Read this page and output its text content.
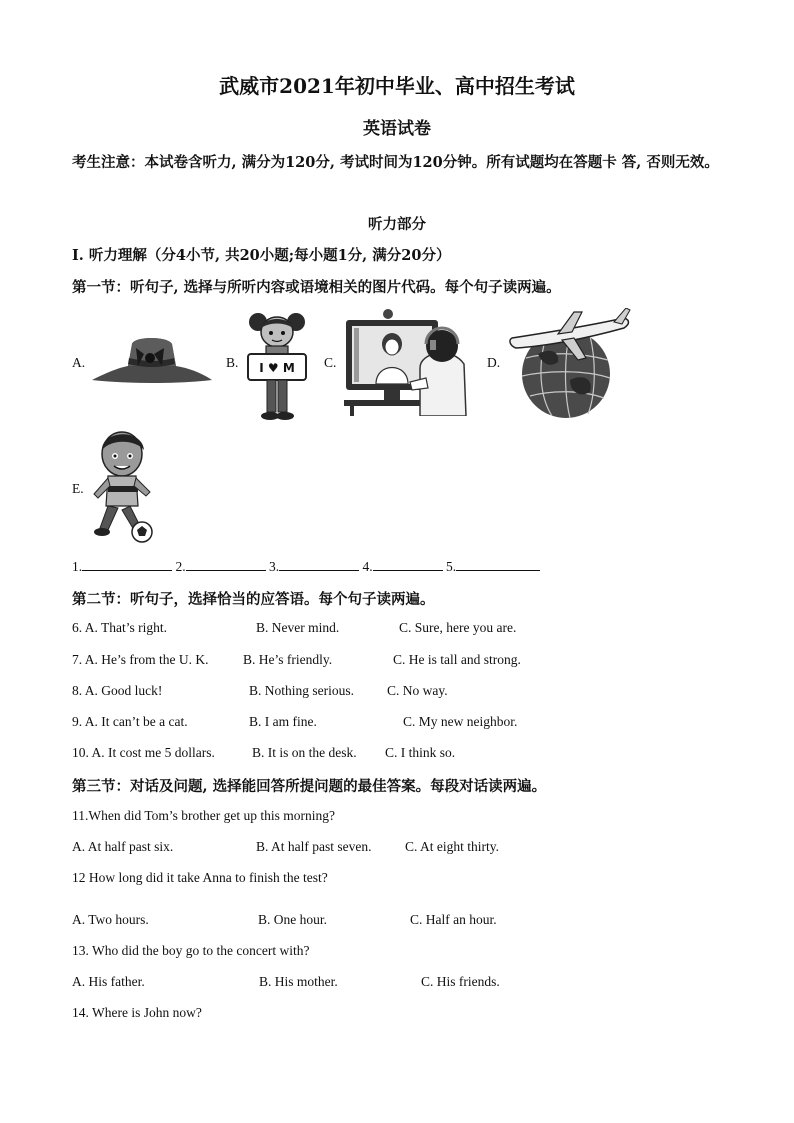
武威市2021年初中毕业、高中招生考试
英语试卷
考生注意：本试卷含听力, 满分为120分, 考试时间为120分钟。所有试题均在答题卡 答, 否则无效。
听力部分
I. 听力理解（分4小节, 共20小题;每小题1分, 满分20分）
第一节：听句子, 选择与所听内容或语境相关的图片代码。每个句子读两遍。
A.	B. I ♥ M C.	D.
E.
1.	2.	3.	4.	5.
第二节：听句子，选择恰当的应答语。每个句子读两遍。
6. A. That’s right.	B. Never mind.	C. Sure, here you are.
7. A. He’s from the U. K.	B. He’s friendly.	C. He is tall and strong.
8. A. Good luck!	B. Nothing serious. C. No way.
9. A. It can’t be a cat.	B. I am fine.	C. My new neighbor.
10. A. It cost me 5 dollars.	B. It is on the desk. C. I think so.
第三节：对话及问题, 选择能回答所提问题的最佳答案。每段对话读两遍。
11.When did Tom’s brother get up this morning?
A. At half past six.	B. At half past seven. C. At eight thirty.
12 How long did it take Anna to finish the test?
A. Two hours.	B. One hour.	C. Half an hour.
13. Who did the boy go to the concert with?
A. His father.	B. His mother.	C. His friends.
14. Where is John now?
